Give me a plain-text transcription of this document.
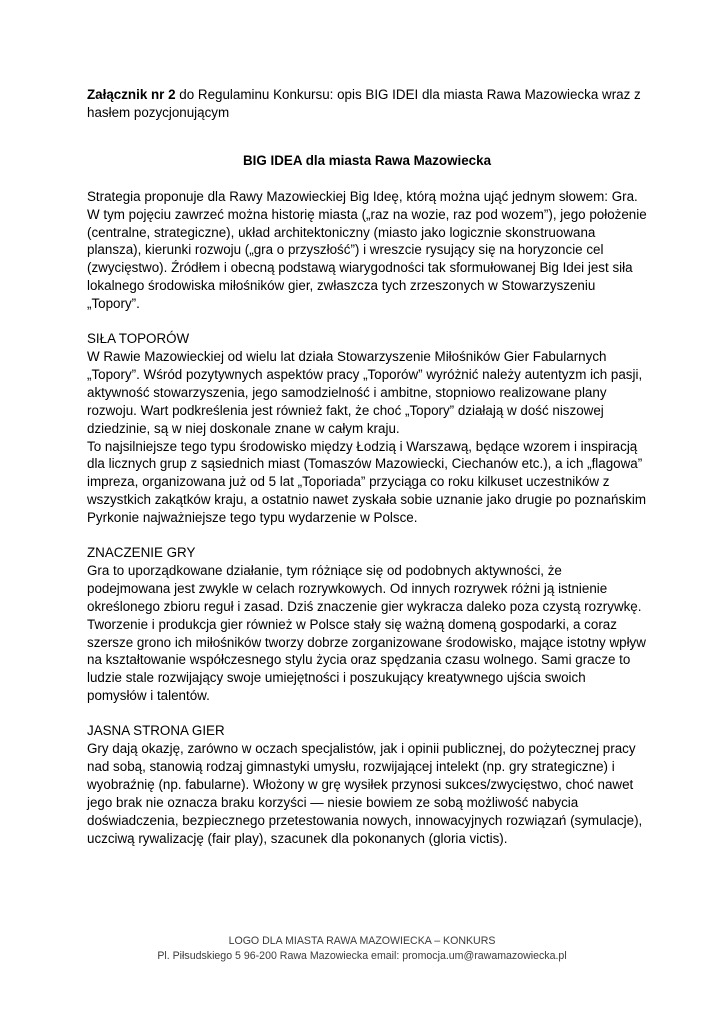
Załącznik nr 2 do Regulaminu Konkursu: opis BIG IDEI dla miasta Rawa Mazowiecka wraz z hasłem pozycjonującym

BIG IDEA dla miasta Rawa Mazowiecka

Strategia proponuje dla Rawy Mazowieckiej Big Ideę, którą można ująć jednym słowem: Gra. W tym pojęciu zawrzeć można historię miasta („raz na wozie, raz pod wozem”), jego położenie (centralne, strategiczne), układ architektoniczny (miasto jako logicznie skonstruowana plansza), kierunki rozwoju („gra o przyszłość”) i wreszcie rysujący się na horyzoncie cel (zwycięstwo). Źródłem i obecną podstawą wiarygodności tak sformułowanej Big Idei jest siła lokalnego środowiska miłośników gier, zwłaszcza tych zrzeszonych w Stowarzyszeniu „Topory”.

SIŁA TOPORÓW

W Rawie Mazowieckiej od wielu lat działa Stowarzyszenie Miłośników Gier Fabularnych „Topory”. Wśród pozytywnych aspektów pracy „Toporów” wyróżnić należy autentyzm ich pasji, aktywność stowarzyszenia, jego samodzielność i ambitne, stopniowo realizowane plany rozwoju. Wart podkreślenia jest również fakt, że choć „Topory” działają w dość niszowej dziedzinie, są w niej doskonale znane w całym kraju.

To najsilniejsze tego typu środowisko między Łodzią i Warszawą, będące wzorem i inspiracją dla licznych grup z sąsiednich miast (Tomaszów Mazowiecki, Ciechanów etc.), a ich „flagowa” impreza, organizowana już od 5 lat „Toporiada” przyciąga co roku kilkuset uczestników z wszystkich zakątków kraju, a ostatnio nawet zyskała sobie uznanie jako drugie po poznańskim Pyrkonie najważniejsze tego typu wydarzenie w Polsce.

ZNACZENIE GRY

Gra to uporządkowane działanie, tym różniące się od podobnych aktywności, że podejmowana jest zwykle w celach rozrywkowych. Od innych rozrywek różni ją istnienie określonego zbioru reguł i zasad. Dziś znaczenie gier wykracza daleko poza czystą rozrywkę. Tworzenie i produkcja gier również w Polsce stały się ważną domeną gospodarki, a coraz szersze grono ich miłośników tworzy dobrze zorganizowane środowisko, mające istotny wpływ na kształtowanie współczesnego stylu życia oraz spędzania czasu wolnego. Sami gracze to ludzie stale rozwijający swoje umiejętności i poszukujący kreatywnego ujścia swoich pomysłów i talentów.

JASNA STRONA GIER

Gry dają okazję, zarówno w oczach specjalistów, jak i opinii publicznej, do pożytecznej pracy nad sobą, stanowią rodzaj gimnastyki umysłu, rozwijającej intelekt (np. gry strategiczne) i wyobraźnię (np. fabularne). Włożony w grę wysiłek przynosi sukces/zwycięstwo, choć nawet jego brak nie oznacza braku korzyści — niesie bowiem ze sobą możliwość nabycia doświadczenia, bezpiecznego przetestowania nowych, innowacyjnych rozwiązań (symulacje), uczciwą rywalizację (fair play), szacunek dla pokonanych (gloria victis).

LOGO DLA MIASTA RAWA MAZOWIECKA – KONKURS
Pl. Piłsudskiego 5 96-200 Rawa Mazowiecka email: promocja.um@rawamazowiecka.pl
